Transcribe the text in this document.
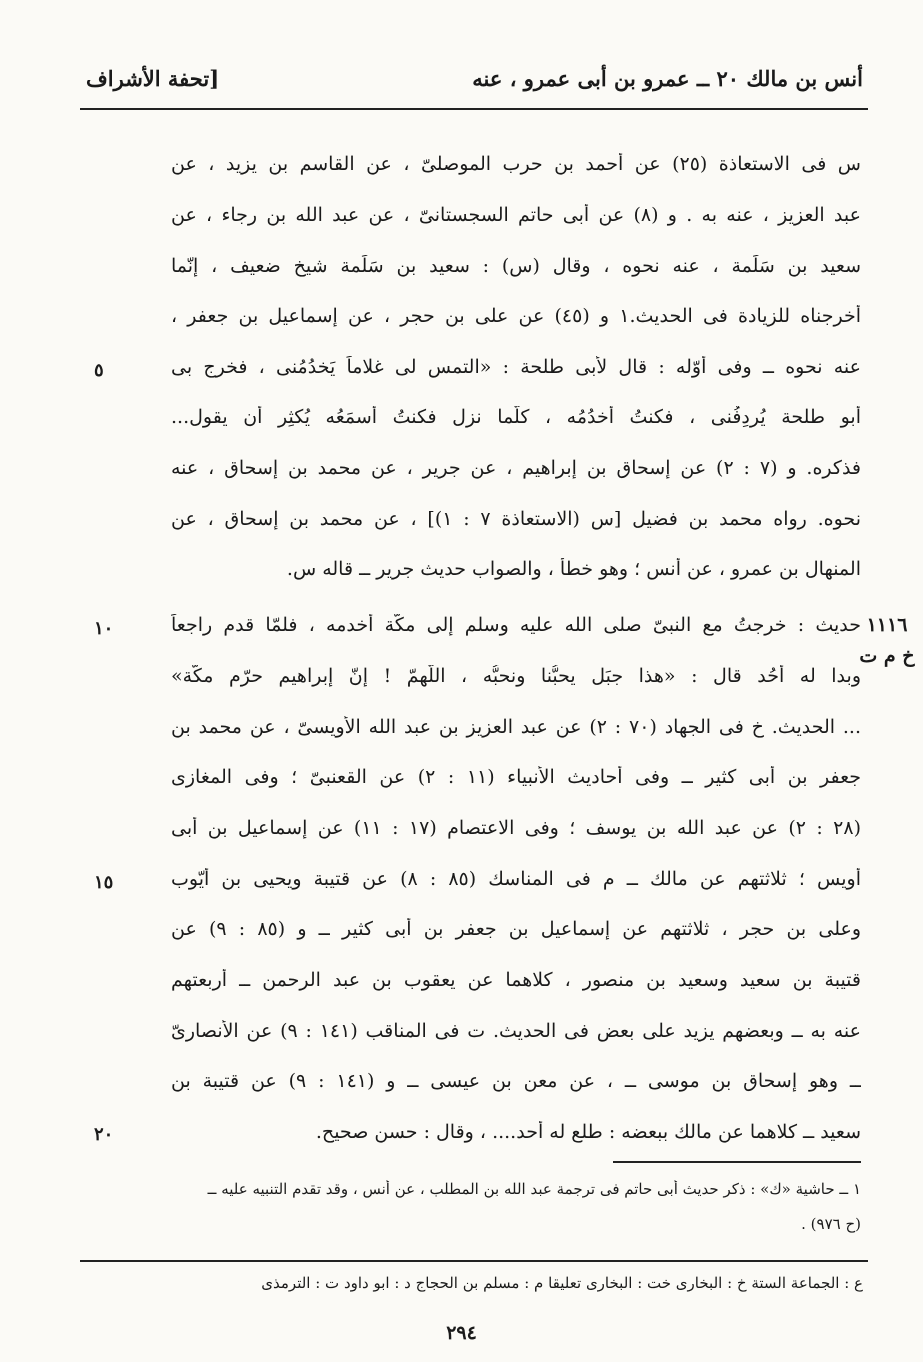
أنس بن مالك ٢٠ ــ عمرو بن أبى عمرو ، عنه
[تحفة الأشراف
س فى الاستعاذة (٢٥) عن أحمد بن حرب الموصلىّ ، عن القاسم بن يزيد ، عن
عبد العزيز ، عنه به . و (٨) عن أبى حاتم السجستانىّ ، عن عبد الله بن رجاء ، عن
سعيد بن سَلَمة ، عنه نحوه ، وقال (س) : سعيد بن سَلَمة شيخ ضعيف ، إنّما
أخرجناه للزيادة فى الحديث.١ و (٤٥) عن على بن حجر ، عن إسماعيل بن جعفر ،
عنه نحوه ــ وفى أوّله : قال لأبى طلحة : «التمس لى غلاماً يَخدُمُنى ، فخرج بى
أبو طلحة يُردِفُنى ، فكنتُ أخدُمُه ، كلّما نزل فكنتُ أسمَعُه يُكثِر أن يقول...
فذكره. و (٧ : ٢) عن إسحاق بن إبراهيم ، عن جرير ، عن محمد بن إسحاق ، عنه
نحوه. رواه محمد بن فضيل [س (الاستعاذة ٧ : ١)] ، عن محمد بن إسحاق ، عن
المنهال بن عمرو ، عن أنس ؛ وهو خطأ ، والصواب حديث جرير ــ قاله س.
حديث : خرجتُ مع النبىّ صلى الله عليه وسلم إلى مكّة أخدمه ، فلمّا قدم راجعاً
وبدا له أحُد قال : «هذا جبَل يحبُّنا ونحبُّه ، اللّهمّ ! إنّ إبراهيم حرّم مكّة»
... الحديث. خ فى الجهاد (٧٠ : ٢) عن عبد العزيز بن عبد الله الأويسىّ ، عن محمد بن
جعفر بن أبى كثير ــ وفى أحاديث الأنبياء (١١ : ٢) عن القعنبىّ ؛ وفى المغازى
(٢٨ : ٢) عن عبد الله بن يوسف ؛ وفى الاعتصام (١٧ : ١١) عن إسماعيل بن أبى
أويس ؛ ثلاثتهم عن مالك ــ م فى المناسك (٨٥ : ٨) عن قتيبة ويحيى بن أيّوب
وعلى بن حجر ، ثلاثتهم عن إسماعيل بن جعفر بن أبى كثير ــ و (٨٥ : ٩) عن
قتيبة بن سعيد وسعيد بن منصور ، كلاهما عن يعقوب بن عبد الرحمن ــ أربعتهم
عنه به ــ وبعضهم يزيد على بعض فى الحديث. ت فى المناقب (١٤١ : ٩) عن الأنصارىّ
ــ وهو إسحاق بن موسى ــ ، عن معن بن عيسى ــ و (١٤١ : ٩) عن قتيبة بن
سعيد ــ كلاهما عن مالك ببعضه : طلع له أحد.... ، وقال : حسن صحيح.
٥
١٠
١٥
٢٠
١١١٦
خ م ت
١ ــ حاشية «ك» : ذكر حديث أبى حاتم فى ترجمة عبد الله بن المطلب ، عن أنس ، وقد تقدم التنبيه عليه ــ
(ح ٩٧٦) .
ع : الجماعة الستة خ : البخارى خت : البخارى تعليقا م : مسلم بن الحجاج د : ابو داود ت : الترمذى
٢٩٤
